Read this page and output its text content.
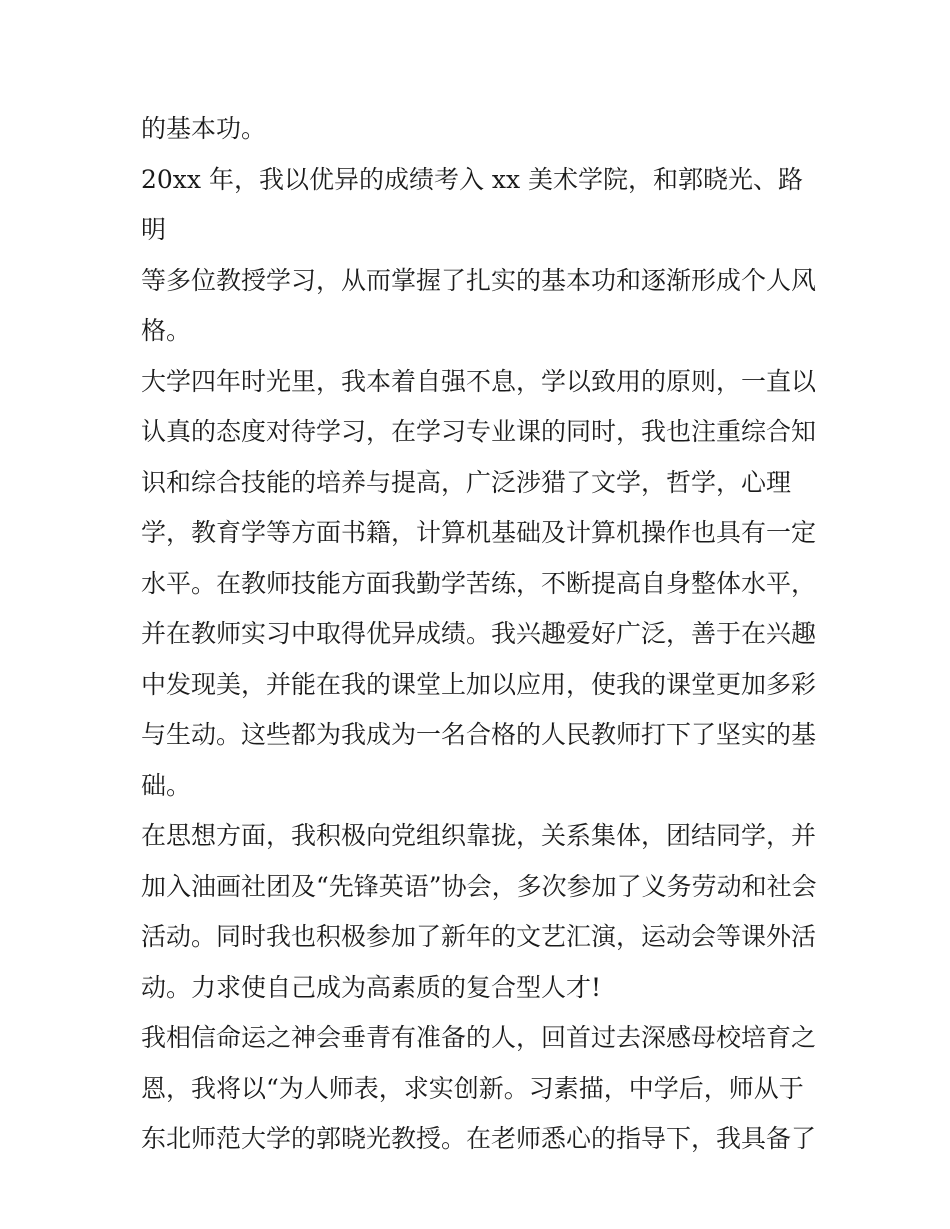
的基本功。

20xx 年，我以优异的成绩考入 xx 美术学院，和郭晓光、路明
等多位教授学习，从而掌握了扎实的基本功和逐渐形成个人风
格。

大学四年时光里，我本着自强不息，学以致用的原则，一直以
认真的态度对待学习，在学习专业课的同时，我也注重综合知
识和综合技能的培养与提高，广泛涉猎了文学，哲学，心理
学，教育学等方面书籍，计算机基础及计算机操作也具有一定
水平。在教师技能方面我勤学苦练，不断提高自身整体水平，
并在教师实习中取得优异成绩。我兴趣爱好广泛，善于在兴趣
中发现美，并能在我的课堂上加以应用，使我的课堂更加多彩
与生动。这些都为我成为一名合格的人民教师打下了坚实的基
础。

在思想方面，我积极向党组织靠拢，关系集体，团结同学，并
加入油画社团及“先锋英语”协会，多次参加了义务劳动和社会
活动。同时我也积极参加了新年的文艺汇演，运动会等课外活
动。力求使自己成为高素质的复合型人才!

我相信命运之神会垂青有准备的人，回首过去深感母校培育之
恩，我将以“为人师表，求实创新。习素描，中学后，师从于
东北师范大学的郭晓光教授。在老师悉心的指导下，我具备了
